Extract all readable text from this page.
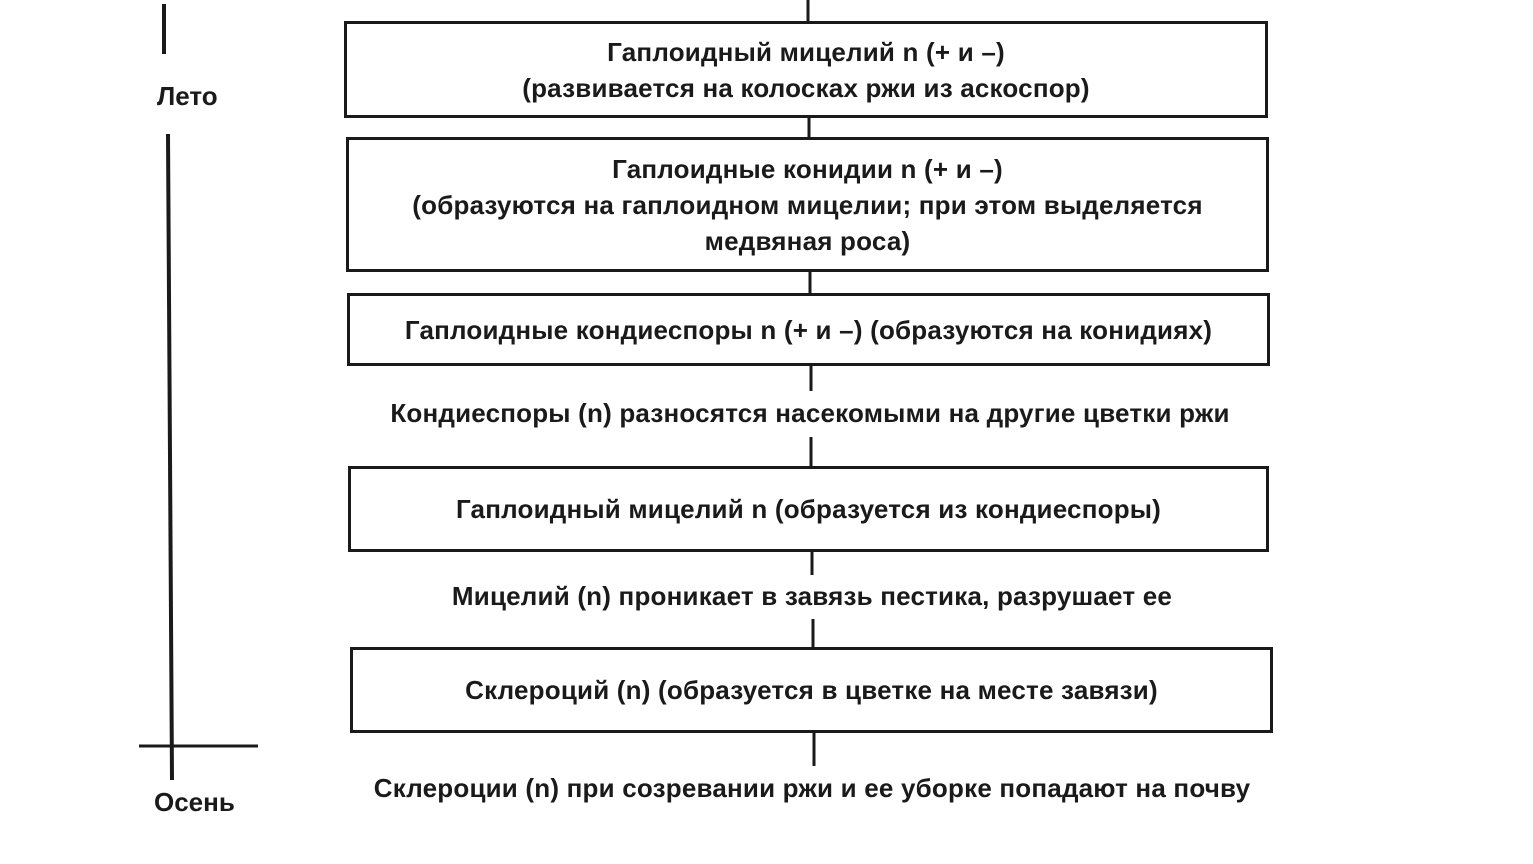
Лето
Осень
Гаплоидный мицелий n (+ и –)
(развивается на колосках ржи из аскоспор)
Гаплоидные конидии n (+ и –)
(образуются на гаплоидном мицелии; при этом выделяется
медвяная роса)
Гаплоидные кондиеспоры n (+ и –) (образуются на конидиях)
Кондиеспоры (n) разносятся насекомыми на другие цветки ржи
Гаплоидный мицелий n (образуется из кондиеспоры)
Мицелий (n) проникает в завязь пестика, разрушает ее
Склероций (n) (образуется в цветке на месте завязи)
Склероции (n) при созревании ржи и ее уборке попадают на почву
